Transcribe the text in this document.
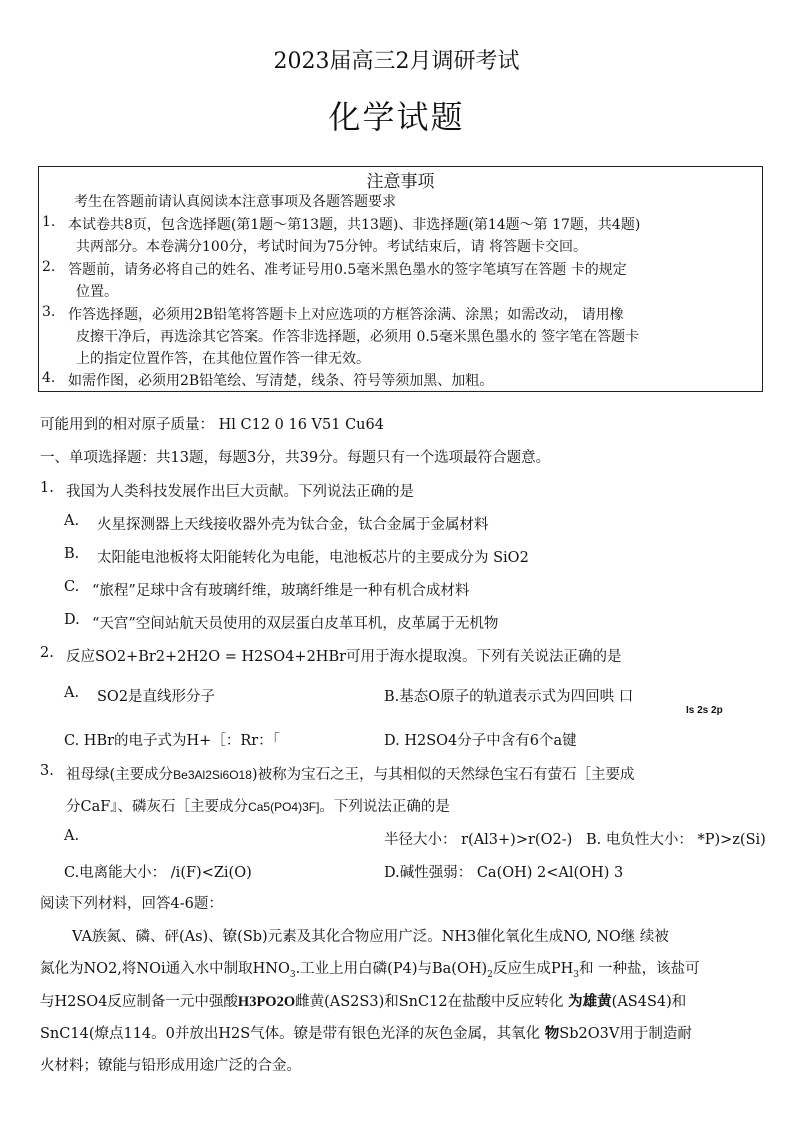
2023届高三2月调研考试
化学试题
注意事项
考生在答题前请认真阅读本注意事项及各题答题要求
1. 本试卷共8页，包含选择题(第1题～第13题，共13题)、非选择题(第14题～第 17题，共4题)
共两部分。本卷满分100分，考试时间为75分钟。考试结束后，请 将答题卡交回。
2. 答题前，请务必将自己的姓名、准考证号用0.5毫米黑色墨水的签字笔填写在答题 卡的规定
位置。
3. 作答选择题，必须用2B铅笔将答题卡上对应选项的方框答涂满、涂黑；如需改动， 请用橡
皮擦干净后，再选涂其它答案。作答非选择题，必须用 0.5毫米黑色墨水的 签字笔在答题卡
上的指定位置作答，在其他位置作答一律无效。
4. 如需作图，必须用2B铅笔绘、写清楚，线条、符号等须加黑、加粗。
可能用到的相对原子质量： Hl C12 0 16 V51 Cu64
一、单项选择题：共13题，每题3分，共39分。每题只有一个选项最符合题意。
1. 我国为人类科技发展作出巨大贡献。下列说法正确的是
A. 火星探测器上天线接收器外壳为钛合金，钛合金属于金属材料
B. 太阳能电池板将太阳能转化为电能，电池板芯片的主要成分为 SiO2
C. “旅程”足球中含有玻璃纤维，玻璃纤维是一种有机合成材料
D. “天宫”空间站航天员使用的双层蛋白皮革耳机，皮革属于无机物
2. 反应SO2+Br2+2H2O = H2SO4+2HBr可用于海水提取溴。下列有关说法正确的是
A. SO2是直线形分子	B.基态O原子的轨道表示式为四回哄 口
Is 2s 2p
C. HBr的电子式为H+［：Rr：「	D. H2SO4分子中含有6个a键
3. 祖母绿(主要成分Be3Al2Si6O18)被称为宝石之王，与其相似的天然绿色宝石有萤石［主要成
分CaF』、磷灰石［主要成分Ca5(PO4)3F]。下列说法正确的是
A.	半径大小： r(Al3+)>r(O2-) B. 电负性大小： *P)>z(Si)
C.电离能大小： /i(F)<Zi(O)	D.碱性强弱： Ca(OH) 2<Al(OH) 3
阅读下列材料，回答4-6题：
VA族氮、磷、砰(As)、镣(Sb)元素及其化合物应用广泛。NH3催化氧化生成NO, NO继 续被
氮化为NO2,将NOi通入水中制取$HNO_3$.工业上用白磷(P4)与$Ba(OH)_2$反应生成$PH_3$和 一种盐，该盐可
与H2SO4反应制备一元中强酸H3PO2O雌黄(AS2S3)和SnC12在盐酸中反应转化 为雄黄(AS4S4)和
SnC14(燎点114。0并放出H2S气体。镣是带有银色光泽的灰色金属，其氧化 物Sb2O3V用于制造耐
火材料；镣能与铅形成用途广泛的合金。
